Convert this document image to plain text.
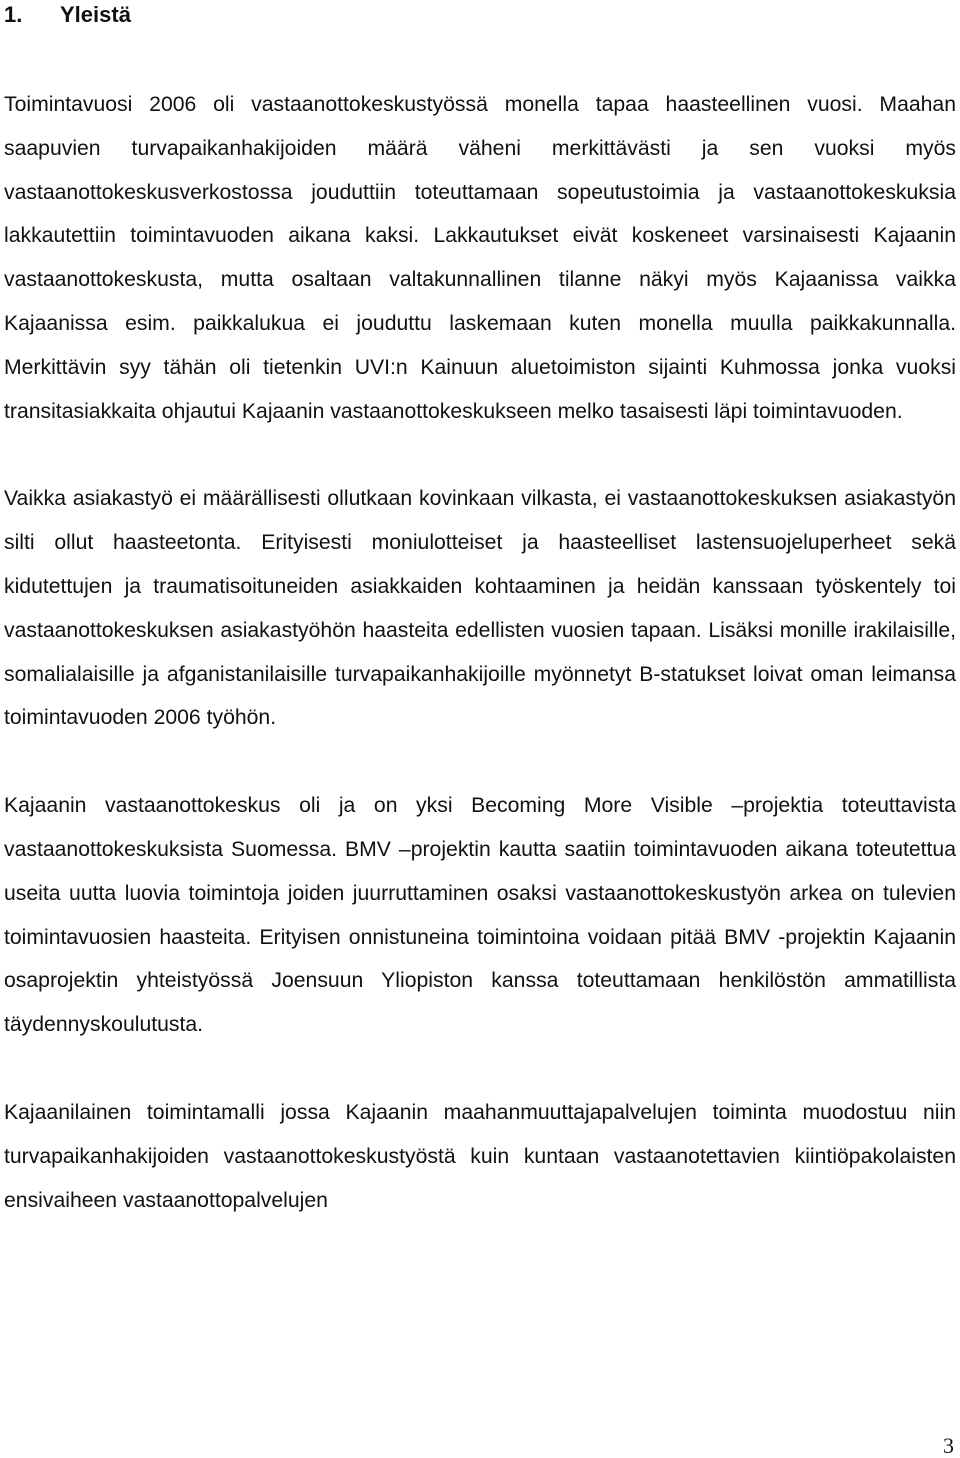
1. Yleistä

Toimintavuosi 2006 oli vastaanottokeskustyössä monella tapaa haasteellinen vuosi. Maahan saapuvien turvapaikanhakijoiden määrä väheni merkittävästi ja sen vuoksi myös vastaanottokeskusverkostossa jouduttiin toteuttamaan sopeutustoimia ja vastaanottokeskuksia lakkautettiin toimintavuoden aikana kaksi. Lakkautukset eivät koskeneet varsinaisesti Kajaanin vastaanottokeskusta, mutta osaltaan valtakunnallinen tilanne näkyi myös Kajaanissa vaikka Kajaanissa esim. paikkalukua ei jouduttu laskemaan kuten monella muulla paikkakunnalla. Merkittävin syy tähän oli tietenkin UVI:n Kainuun aluetoimiston sijainti Kuhmossa jonka vuoksi transitasiakkaita ohjautui Kajaanin vastaanottokeskukseen melko tasaisesti läpi toimintavuoden.

Vaikka asiakastyö ei määrällisesti ollutkaan kovinkaan vilkasta, ei vastaanottokeskuksen asiakastyön silti ollut haasteetonta. Erityisesti moniulotteiset ja haasteelliset lastensuojeluperheet sekä kidutettujen ja traumatisoituneiden asiakkaiden kohtaaminen ja heidän kanssaan työskentely toi vastaanottokeskuksen asiakastyöhön haasteita edellisten vuosien tapaan. Lisäksi monille irakilaisille, somalialaisille ja afganistanilaisille turvapaikanhakijoille myönnetyt B-statukset loivat oman leimansa toimintavuoden 2006 työhön.

Kajaanin vastaanottokeskus oli ja on yksi Becoming More Visible –projektia toteuttavista vastaanottokeskuksista Suomessa. BMV –projektin kautta saatiin toimintavuoden aikana toteutettua useita uutta luovia toimintoja joiden juurruttaminen osaksi vastaanottokeskustyön arkea on tulevien toimintavuosien haasteita. Erityisen onnistuneina toimintoina voidaan pitää BMV -projektin Kajaanin osaprojektin yhteistyössä Joensuun Yliopiston kanssa toteuttamaan henkilöstön ammatillista täydennyskoulutusta.

Kajaanilainen toimintamalli jossa Kajaanin maahanmuuttajapalvelujen toiminta muodostuu niin turvapaikanhakijoiden vastaanottokeskustyöstä kuin kuntaan vastaanotettavien kiintiöpakolaisten ensivaiheen vastaanottopalvelujen

3
